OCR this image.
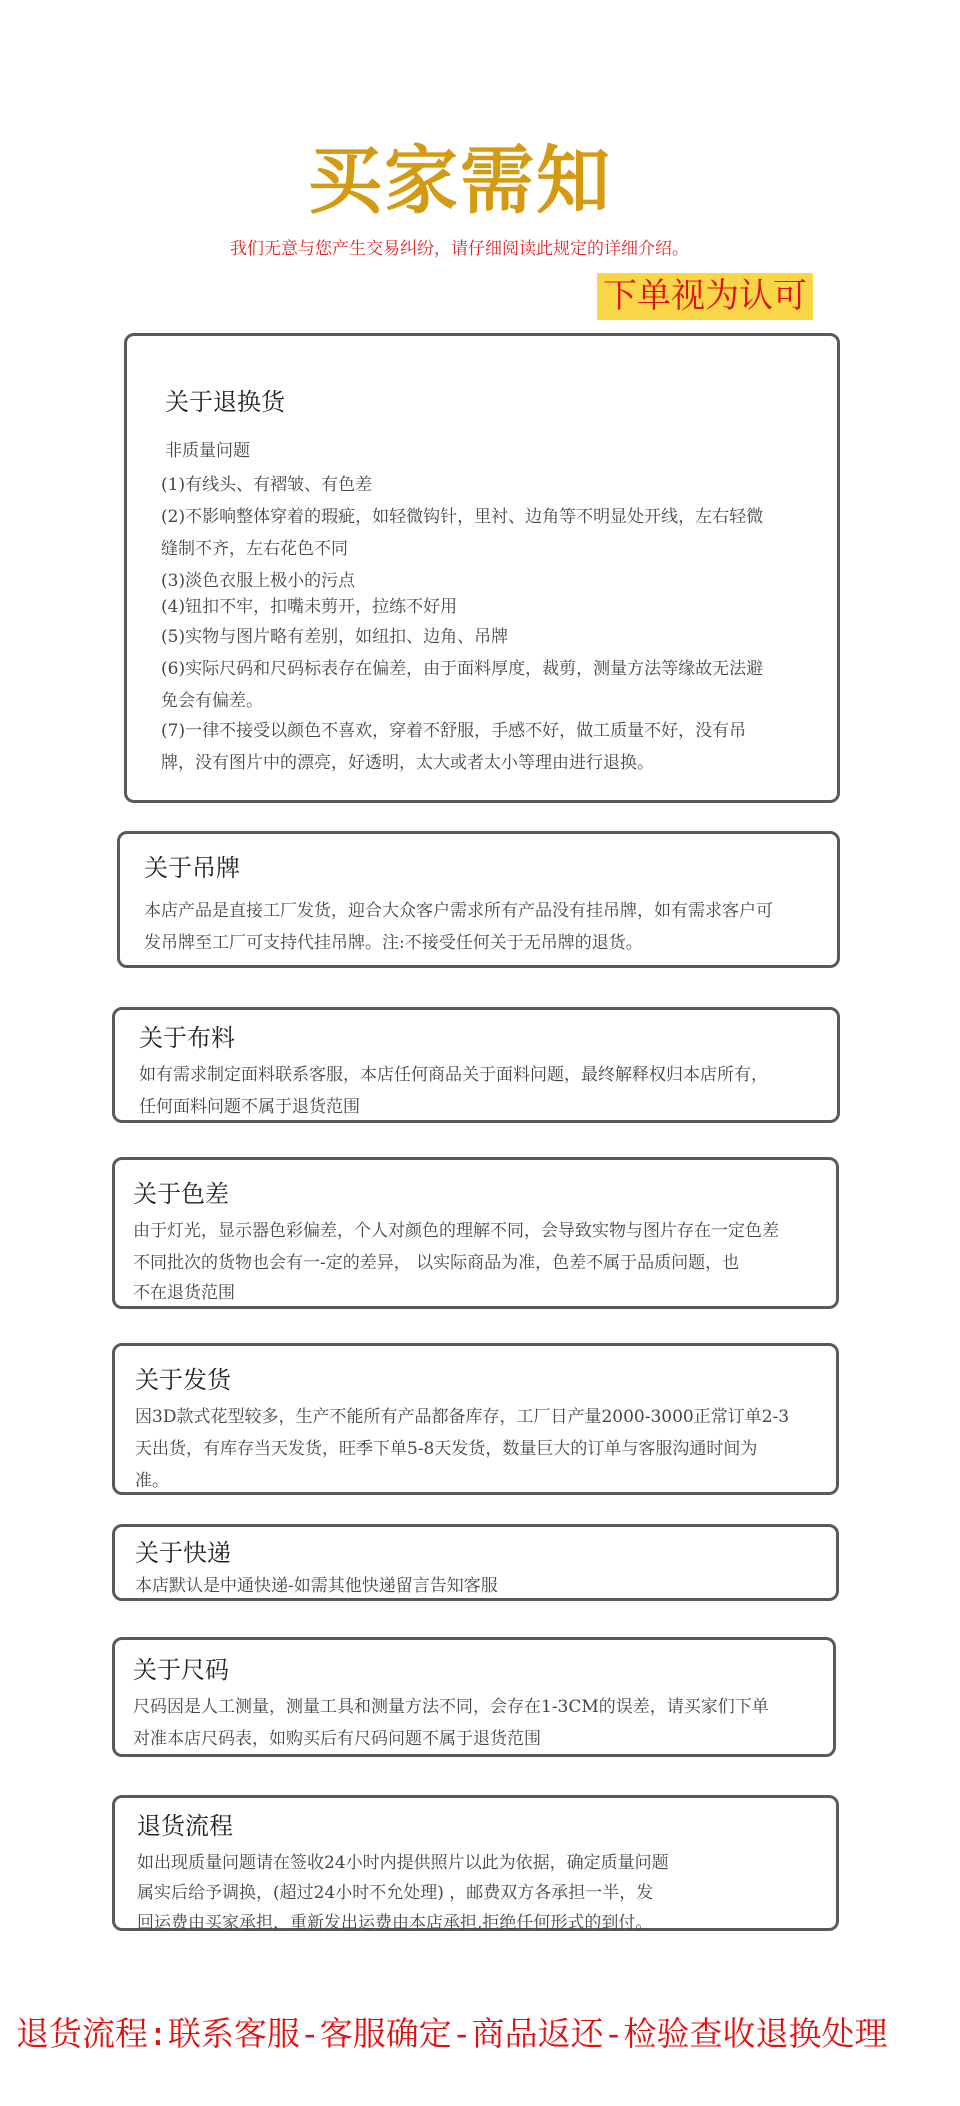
买家需知
我们无意与您产生交易纠纷，请仔细阅读此规定的详细介绍。
下单视为认可
关于退换货
非质量问题
(1)有线头、有褶皱、有色差
(2)不影响整体穿着的瑕疵，如轻微钩针，里衬、边角等不明显处开线，左右轻微
缝制不齐，左右花色不同
(3)淡色衣服上极小的污点
(4)钮扣不牢，扣嘴未剪开，拉练不好用
(5)实物与图片略有差别，如纽扣、边角、吊牌
(6)实际尺码和尺码标表存在偏差，由于面料厚度，裁剪，测量方法等缘故无法避
免会有偏差。
(7)一律不接受以颜色不喜欢，穿着不舒服，手感不好，做工质量不好，没有吊
牌，没有图片中的漂亮，好透明，太大或者太小等理由进行退换。
关于吊牌
本店产品是直接工厂发货，迎合大众客户需求所有产品没有挂吊牌，如有需求客户可
发吊牌至工厂可支持代挂吊牌。注:不接受任何关于无吊牌的退货。
关于布料
如有需求制定面料联系客服，本店任何商品关于面料问题，最终解释权归本店所有，
任何面料问题不属于退货范围
关于色差
由于灯光，显示器色彩偏差，个人对颜色的理解不同，会导致实物与图片存在一定色差
不同批次的货物也会有一-定的差异， 以实际商品为准，色差不属于品质问题，也
不在退货范围
关于发货
因3D款式花型较多，生产不能所有产品都备库存，工厂日产量2000-3000正常订单2-3
天出货，有库存当天发货，旺季下单5-8天发货，数量巨大的订单与客服沟通时间为
准。
关于快递
本店默认是中通快递-如需其他快递留言告知客服
关于尺码
尺码因是人工测量，测量工具和测量方法不同，会存在1-3CM的误差，请买家们下单
对准本店尺码表，如购买后有尺码问题不属于退货范围
退货流程
如出现质量问题请在签收24小时内提供照片以此为依据，确定质量问题
属实后给予调换，(超过24小时不允处理) ，邮费双方各承担一半，发
回运费由买家承担，重新发出运费由本店承担,拒绝任何形式的到付。
退货流程:联系客服-客服确定-商品返还-检验查收退换处理
